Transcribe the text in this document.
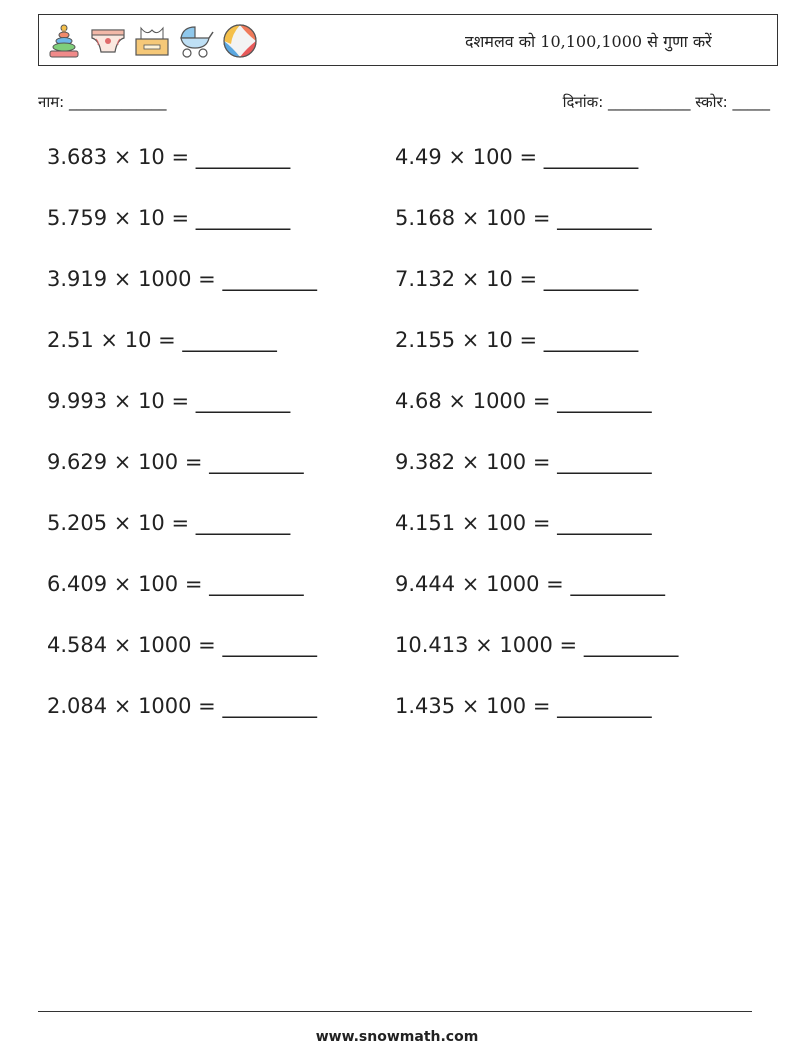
दशमलव को 10,100,1000 से गुणा करें
नाम: _____________	दिनांक: ___________ स्कोर: _____
3.683 × 10 = _________	4.49 × 100 = _________
5.759 × 10 = _________	5.168 × 100 = _________
3.919 × 1000 = _________	7.132 × 10 = _________
2.51 × 10 = _________	2.155 × 10 = _________
9.993 × 10 = _________	4.68 × 1000 = _________
9.629 × 100 = _________	9.382 × 100 = _________
5.205 × 10 = _________	4.151 × 100 = _________
6.409 × 100 = _________	9.444 × 1000 = _________
4.584 × 1000 = _________	10.413 × 1000 = _________
2.084 × 1000 = _________	1.435 × 100 = _________
www.snowmath.com
